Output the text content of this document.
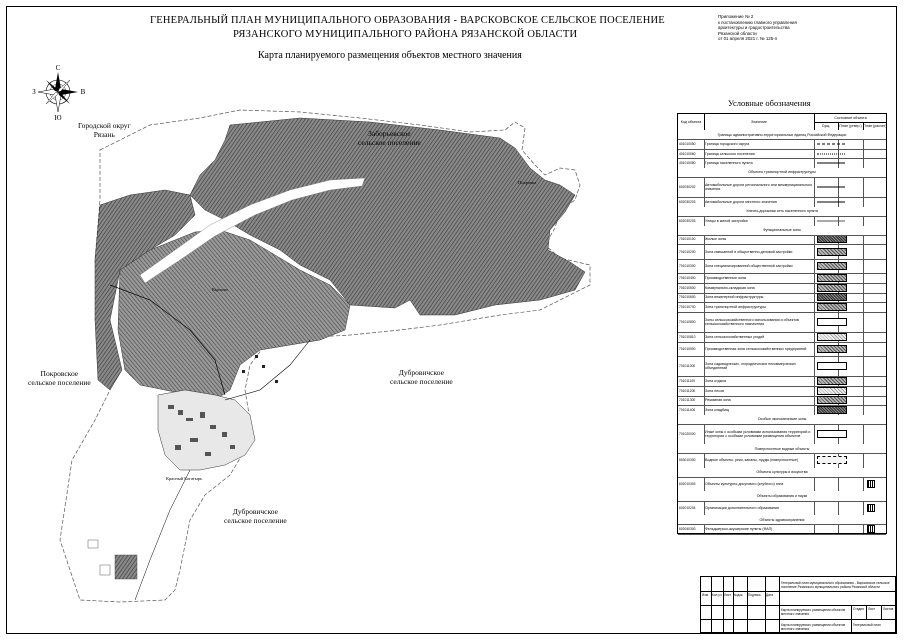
ГЕНЕРАЛЬНЫЙ ПЛАН МУНИЦИПАЛЬНОГО ОБРАЗОВАНИЯ - ВАРСКОВСКОЕ СЕЛЬСКОЕ ПОСЕЛЕНИЕ
РЯЗАНСКОГО МУНИЦИПАЛЬНОГО РАЙОНА РЯЗАНСКОЙ ОБЛАСТИ
Карта планируемого размещения объектов местного значения
Приложение № 2
к постановлению главного управления
архитектуры и градостроительства
Рязанской области
от 01 апреля 2021 г. № 125-п
С
Ю
З	В
Городской округ
Рязань	Заборьевское
сельское поселение
Покровское
сельское поселение
Дубровичское
сельское поселение
Дубровичское
сельское поселение
Варсково
Красный Богатырь
Покровка
Условные обозначения
Код объекта	Значение
Состояние объекта
Сущ.	План (утвер.) План (расчет)
Границы административно-территориальных единиц Российской Федерации
401010050	Граница городского округа
401010060	Граница сельского поселения
401010080	Граница населенного пункта
Объекты транспортной инфраструктуры
602030202	Автомобильные дороги регионального или межмуниципального значения
602030203	Автомобильные дороги местного значения
Улично-дорожная сеть населенного пункта
602030203	Улицы в жилой застройке
Функциональные зоны
701010100	Жилые зоны
701010200	Зона смешанной и общественно-деловой застройки
701010300	Зона специализированной общественной застройки
701010400	Производственные зоны
701010500	Коммунально-складская зона
701010600	Зона инженерной инфраструктуры
701010700	Зона транспортной инфраструктуры
701010800	Зоны сельскохозяйственного использования и объектов сельскохозяйственного назначения
701010810	Зона сельскохозяйственных угодий
701010900	Производственная зона сельскохозяйственных предприятий
701011000	Зона садоводческих, огороднических некоммерческих объединений
701011100	Зона отдыха
701011200	Зона лесов
701011300	Режимная зона
701011400	Зона кладбищ
Особые экономические зоны
701020000	Иные зоны с особыми условиями использования территорий и территории с особыми условиями размещения объектов
Поверхностные водные объекты
503010300	Водные объекты, реки, каналы, пруды (поверхностные)
Объекты культуры и искусства
602010303	Объекты культурно-досугового (клубного) типа
Объекты образования и науки
602010204	Организации дополнительного образования
Объекты здравоохранения
602040300	Фельдшерско-акушерские пункты (ФАП)
Генеральный план муниципального образования - Варсковское сельское поселение Рязанского муниципального района Рязанской области
Карта планируемого размещения объектов местного значения
Стадия Лист	Листов
Карта планируемого размещения объектов местного значения
Генеральный план
Изм. Кол.уч Лист №док. Подпись Дата
